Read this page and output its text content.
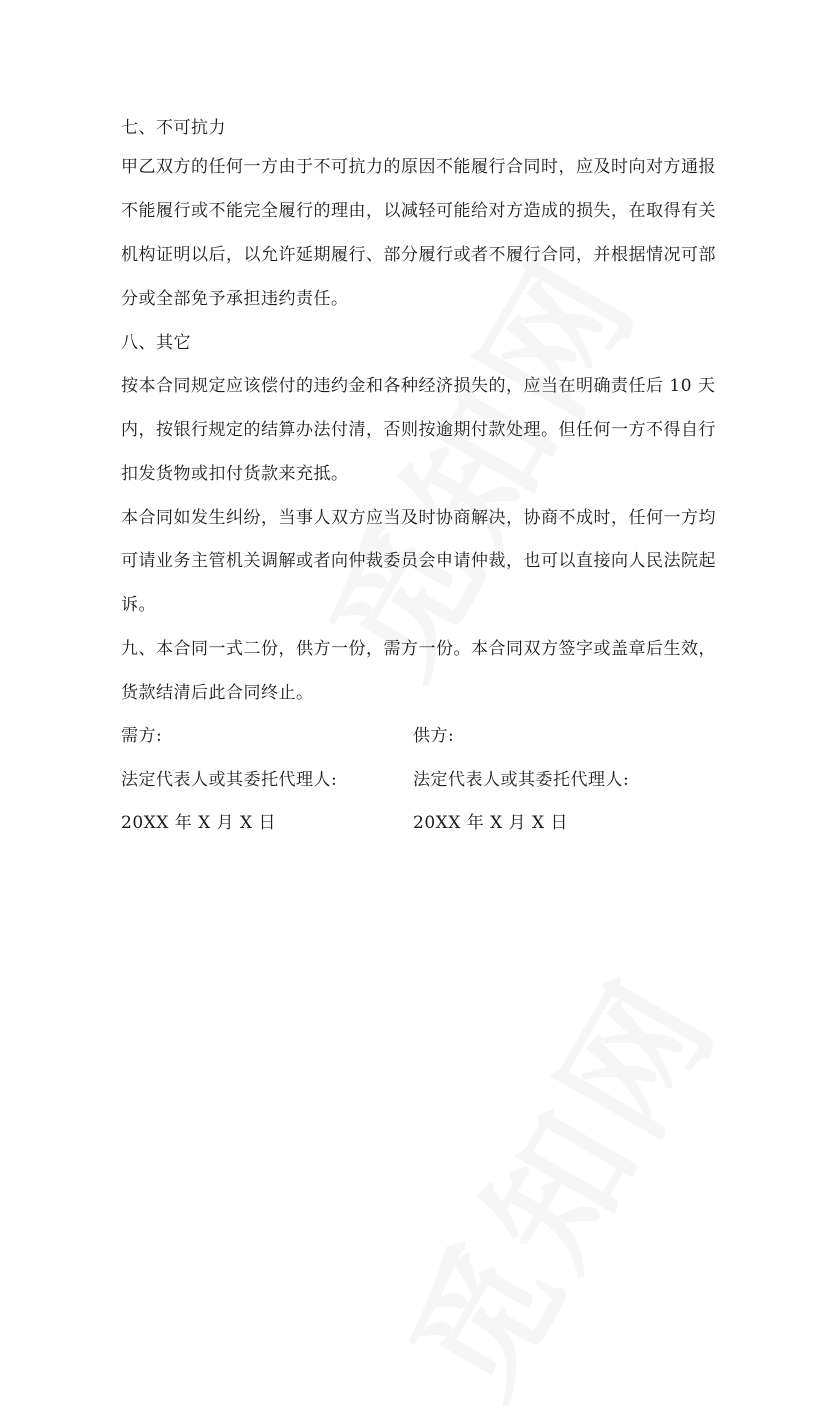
七、不可抗力
甲乙双方的任何一方由于不可抗力的原因不能履行合同时，应及时向对方通报
不能履行或不能完全履行的理由，以减轻可能给对方造成的损失，在取得有关
机构证明以后，以允许延期履行、部分履行或者不履行合同，并根据情况可部
分或全部免予承担违约责任。
八、其它
按本合同规定应该偿付的违约金和各种经济损失的，应当在明确责任后 10 天
内，按银行规定的结算办法付清，否则按逾期付款处理。但任何一方不得自行
扣发货物或扣付货款来充抵。
本合同如发生纠纷，当事人双方应当及时协商解决，协商不成时，任何一方均
可请业务主管机关调解或者向仲裁委员会申请仲裁，也可以直接向人民法院起
诉。
九、本合同一式二份，供方一份，需方一份。本合同双方签字或盖章后生效，
货款结清后此合同终止。
需方:	供方:
法定代表人或其委托代理人:	法定代表人或其委托代理人:
20XX 年 X 月 X 日	20XX 年 X 月 X 日
